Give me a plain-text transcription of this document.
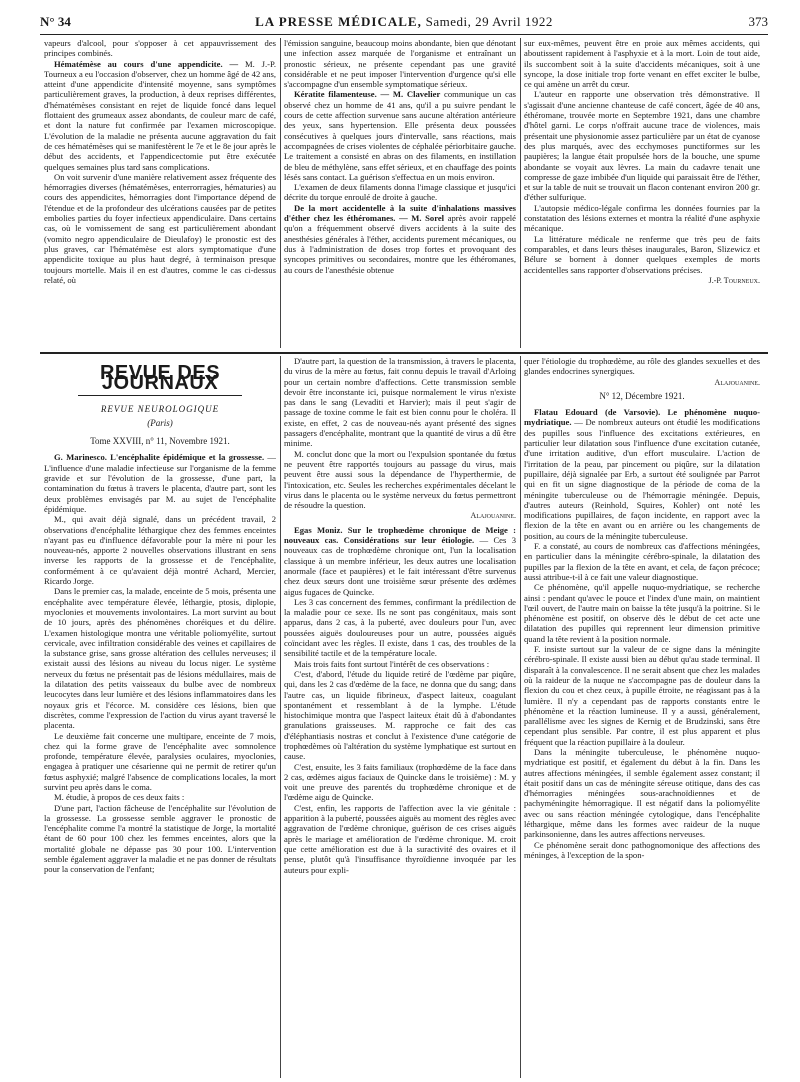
N° 34	LA PRESSE MÉDICALE, Samedi, 29 Avril 1922	373

vapeurs d'alcool, pour s'opposer à cet appauvrissement des principes combinés.

Hématémèse au cours d'une appendicite. — M. J.-P. Tourneux a eu l'occasion d'observer, chez un homme âgé de 42 ans, atteint d'une appendicite d'intensité moyenne, sans symptômes particulièrement graves, la production, à deux reprises différentes, d'hématémèses consistant en rejet de liquide foncé dans lequel flottaient des grumeaux assez abondants, de couleur marc de café, et dont la nature fut confirmée par l'examen microscopique. L'évolution de la maladie ne présenta aucune aggravation du fait de ces hématémèses qui se manifestèrent le 7e et le 8e jour après le début des accidents, et l'appendicectomie put être exécutée quelques semaines plus tard sans complications.

On voit survenir d'une manière relativement assez fréquente des hémorragies diverses (hématémèses, enterrorragies, hématuries) au cours des appendicites, hémorragies dont l'importance dépend de l'étendue et de la profondeur des ulcérations causées par de petites embolies parties du foyer infectieux appendiculaire. Dans certains cas, où le vomissement de sang est particulièrement abondant (vomito negro appendiculaire de Dieulafoy) le pronostic est des plus graves, car l'hématémèse est alors symptomatique d'une appendicite toxique au plus haut degré, à terminaison presque toujours mortelle. Mais il en est d'autres, comme le cas ci-dessus relaté, où

l'émission sanguine, beaucoup moins abondante, bien que dénotant une infection assez marquée de l'organisme et entraînant un pronostic sérieux, ne présente cependant pas une gravité considérable et ne peut imposer l'intervention d'urgence qu'si elle s'accompagne d'un ensemble symptomatique sérieux.

Kératite filamenteuse. — M. Clavelier communique un cas observé chez un homme de 41 ans, qu'il a pu suivre pendant le cours de cette affection survenue sans aucune altération antérieure des yeux, sans hypertension. Elle présenta deux poussées consécutives à quelques jours d'intervalle, sans réactions, mais accompagnées de crises violentes de céphalée périorbitaire gauche. Le traitement a consisté en abras on des filaments, en instillation de bleu de méthylène, sans effet sérieux, et en chauffage des points lésés sans contact. La guérison s'effectua en un mois environ.

L'examen de deux filaments donna l'image classique et jusqu'ici décrite du torque enroulé de droite à gauche.

De la mort accidentelle à la suite d'inhalations massives d'éther chez les éthéromanes. — M. Sorel après avoir rappelé qu'on a fréquemment observé divers accidents à la suite des anesthésies générales à l'éther, accidents purement mécaniques, ou dus à l'administration de doses trop fortes et provoquant des syncopes primitives ou secondaires, montre que les éthéromanes, au cours de l'anesthésie obtenue

sur eux-mêmes, peuvent être en proie aux mêmes accidents, qui aboutissent rapidement à l'asphyxie et à la mort. Loin de tout aide, ils succombent soit à la suite d'accidents mécaniques, soit à une syncope, la dose initiale trop forte venant en effet exciter le bulbe, ce qui amène un arrêt du cœur.

L'auteur en rapporte une observation très démonstrative. Il s'agissait d'une ancienne chanteuse de café concert, âgée de 40 ans, éthéromane, trouvée morte en Septembre 1921, dans une chambre d'hôtel garni. Le corps n'offrait aucune trace de violences, mais présentait une physionomie assez particulière par un état de cyanose des plus marqués, avec des ecchymoses punctiformes sur les paupières; la langue était propulsée hors de la bouche, une spume abondante se voyait aux lèvres. La main du cadavre tenait une compresse de gaze imbibée d'un liquide qui paraissait être de l'éther, et sur la table de nuit se trouvait un flacon contenant environ 200 gr. d'éther sulfurique.

L'autopsie médico-légale confirma les données fournies par la constatation des lésions externes et montra la réalité d'une asphyxie mécanique.

La littérature médicale ne renferme que très peu de faits comparables, et dans leurs thèses inaugurales, Baron, Slizewicz et Bélure se bornent à donner quelques exemples de morts accidentelles sans rapporter d'observations précises.

J.-P. Tourneux.
REVUE DES JOURNAUX
REVUE NEUROLOGIQUE
(Paris)
Tome XXVIII, n° 11, Novembre 1921.

G. Marinesco. L'encéphalite épidémique et la grossesse. — L'influence d'une maladie infectieuse sur l'organisme de la femme gravide et sur l'évolution de la grossesse, d'une part, la contamination du fœtus à travers le placenta, d'autre part, sont les deux problèmes envisagés par M. au sujet de l'encéphalite épidémique.

M., qui avait déjà signalé, dans un précédent travail, 2 observations d'encéphalite léthargique chez des femmes enceintes n'ayant pas eu d'influence défavorable pour la mère ni pour les nouveau-nés, apporte 2 nouvelles observations illustrant en sens inverse les rapports de la grossesse et de l'encéphalite, conformément à ce qu'avaient déjà montré Achard, Mercier, Ricardo Jorge.

Dans le premier cas, la malade, enceinte de 5 mois, présenta une encéphalite avec température élevée, léthargie, ptosis, diplopie, myoclonies et mouvements involontaires. La mort survint au bout de 10 jours, après des phénomènes choréiques et du délire. L'examen histologique montra une véritable poliomyélite, surtout cervicale, avec infiltration considérable des veines et capillaires de la substance grise, sans grosse altération des cellules nerveuses; il existait aussi des lésions au niveau du locus niger. Le système nerveux du fœtus ne présentait pas de lésions médullaires, mais de la dilatation des petits vaisseaux du bulbe avec de nombreux leucocytes dans leur lumière et des lésions inflammatoires dans les noyaux gris et l'écorce. M. considère ces lésions, bien que discrètes, comme l'expression de l'action du virus ayant traversé le placenta.

Le deuxième fait concerne une multipare, enceinte de 7 mois, chez qui la forme grave de l'encéphalite avec somnolence profonde, température élevée, paralysies oculaires, myoclonies, engagea à pratiquer une césarienne qui ne permit de retirer qu'un fœtus asphyxié; malgré l'absence de complications locales, la mort survint peu après dans le coma.

M. étudie, à propos de ces deux faits :

D'une part, l'action fâcheuse de l'encéphalite sur l'évolution de la grossesse. La grossesse semble aggraver le pronostic de l'encéphalite comme l'a montré la statistique de Jorge, la mortalité étant de 60 pour 100 chez les femmes enceintes, alors que la mortalité globale ne dépasse pas 30 pour 100. L'intervention semble également aggraver la maladie et ne pas donner de résultats pour la conservation de l'enfant;

D'autre part, la question de la transmission, à travers le placenta, du virus de la mère au fœtus, fait connu depuis le travail d'Arloing pour un certain nombre d'affections. Cette transmission semble devoir être inconstante ici, puisque normalement le virus n'existe pas dans le sang (Levaditi et Harvier); mais il peut s'agir de passage de toxine comme le fait est bien connu pour le choléra. Il existe, en effet, 2 cas de nouveau-nés ayant présenté des signes passagers d'encéphalite, montrant que la quantité de virus a dû être minime.

M. conclut donc que la mort ou l'expulsion spontanée du fœtus ne peuvent être rapportés toujours au passage du virus, mais peuvent être aussi sous la dépendance de l'hyperthermie, de l'intoxication, etc. Seules les recherches expérimentales décelant le virus dans le placenta ou le système nerveux du fœtus permettront de résoudre la question.

Alajouanine.

Egas Moniz. Sur le trophœdème chronique de Meige : nouveaux cas. Considérations sur leur étiologie. — Ces 3 nouveaux cas de trophœdème chronique ont, l'un la localisation classique à un membre inférieur, les deux autres une localisation anormale (face et paupières) et le fait intéressant d'être survenus chez deux sœurs dont une troisième sœur présente des œdèmes aigus fugaces de Quincke.

Les 3 cas concernent des femmes, confirmant la prédilection de la maladie pour ce sexe. Ils ne sont pas congénitaux, mais sont apparus, dans 2 cas, à la puberté, avec douleurs pour l'un, avec poussées aiguës douloureuses pour un autre, poussées aiguës coïncidant avec les règles. Il existe, dans 1 cas, des troubles de la sensibilité tactile et de la température locale.

Mais trois faits font surtout l'intérêt de ces observations :

C'est, d'abord, l'étude du liquide retiré de l'œdème par piqûre, qui, dans les 2 cas d'œdème de la face, ne donna que du sang; dans l'autre cas, un liquide fibrineux, d'aspect laiteux, coagulant spontanément et ressemblant à de la lymphe. L'étude histochimique montra que l'aspect laiteux était dû à d'abondantes granulations graisseuses. M. rapproche ce fait des cas d'éléphantiasis nostras et conclut à l'existence d'une catégorie de trophœdèmes où l'altération du système lymphatique est surtout en cause.

C'est, ensuite, les 3 faits familiaux (trophœdème de la face dans 2 cas, œdèmes aigus faciaux de Quincke dans le troisième) : M. y voit une preuve des parentés du trophœdème chronique et de l'œdème aigu de Quincke.

C'est, enfin, les rapports de l'affection avec la vie génitale : apparition à la puberté, poussées aiguës au moment des règles avec aggravation de l'œdème chronique, guérison de ces crises aiguës après le mariage et amélioration de l'œdème chronique. M. croit que cette amélioration est due à la suractivité des ovaires et il pense, plutôt qu'à l'insuffisance thyroïdienne invoquée par les auteurs pour expli-

quer l'étiologie du trophœdème, au rôle des glandes sexuelles et des glandes endocrines synergiques.

Alajouanine.
N° 12, Décembre 1921.

Flatau Edouard (de Varsovie). Le phénomène nuquo-mydriatique. — De nombreux auteurs ont étudié les modifications des pupilles sous l'influence des excitations extérieures, en particulier leur dilatation sous l'influence d'une excitation cutanée, d'une irritation auditive, d'un effort musculaire. L'action de l'irritation de la peau, par pincement ou piqûre, sur la dilatation pupillaire, déjà signalée par Erb, a surtout été soulignée par Parrot qui en fit un signe diagnostique de la période de coma de la méningite tuberculeuse ou de l'hémorragie méningée. Depuis, d'autres auteurs (Reinhold, Squires, Kohler) ont noté les modifications pupillaires, de façon incidente, en rapport avec la flexion de la tête en avant ou en arrière ou les changements de position, au cours de la méningite tuberculeuse.

F. a constaté, au cours de nombreux cas d'affections méningées, en particulier dans la méningite cérébro-spinale, la dilatation des pupilles par la flexion de la tête en avant, et cela, de façon précoce; aussi attribue-t-il à ce fait une valeur diagnostique.

Ce phénomène, qu'il appelle nuquo-mydriatique, se recherche ainsi : pendant qu'avec le pouce et l'index d'une main, on maintient l'œil ouvert, de l'autre main on baisse la tête jusqu'à la poitrine. Si le phénomène est positif, on observe dès le début de cet acte une dilatation des pupilles qui reprennent leur dimension primitive quand la tête revient à la position normale.

F. insiste surtout sur la valeur de ce signe dans la méningite cérébro-spinale. Il existe aussi bien au début qu'au stade terminal. Il disparaît à la convalescence. Il ne serait absent que chez les malades où la raideur de la nuque ne s'accompagne pas de douleur dans la flexion du cou et chez ceux, à pupille étroite, ne réagissant pas à la lumière. Il n'y a cependant pas de rapports constants entre le phénomène et la réaction lumineuse. Il y a aussi, généralement, parallélisme avec les signes de Kernig et de Brudzinski, sans être cependant plus sensible. Par contre, il est plus apparent et plus fréquent que la réaction pupillaire à la douleur.

Dans la méningite tuberculeuse, le phénomène nuquo-mydriatique est positif, et également du début à la fin. Dans les autres affections méningées, il semble également assez constant; il était positif dans un cas de méningite séreuse otitique, dans des cas d'hémorragies méningées sous-arachnoïdiennes et de pachyméningite hémorragique. Il est négatif dans la poliomyélite avec ou sans réaction méningée cytologique, dans l'encéphalite léthargique, même dans les formes avec raideur de la nuque parkinsonienne, dans les autres affections nerveuses.

Ce phénomène serait donc pathognomonique des affections des méninges, à l'exception de la spon-
